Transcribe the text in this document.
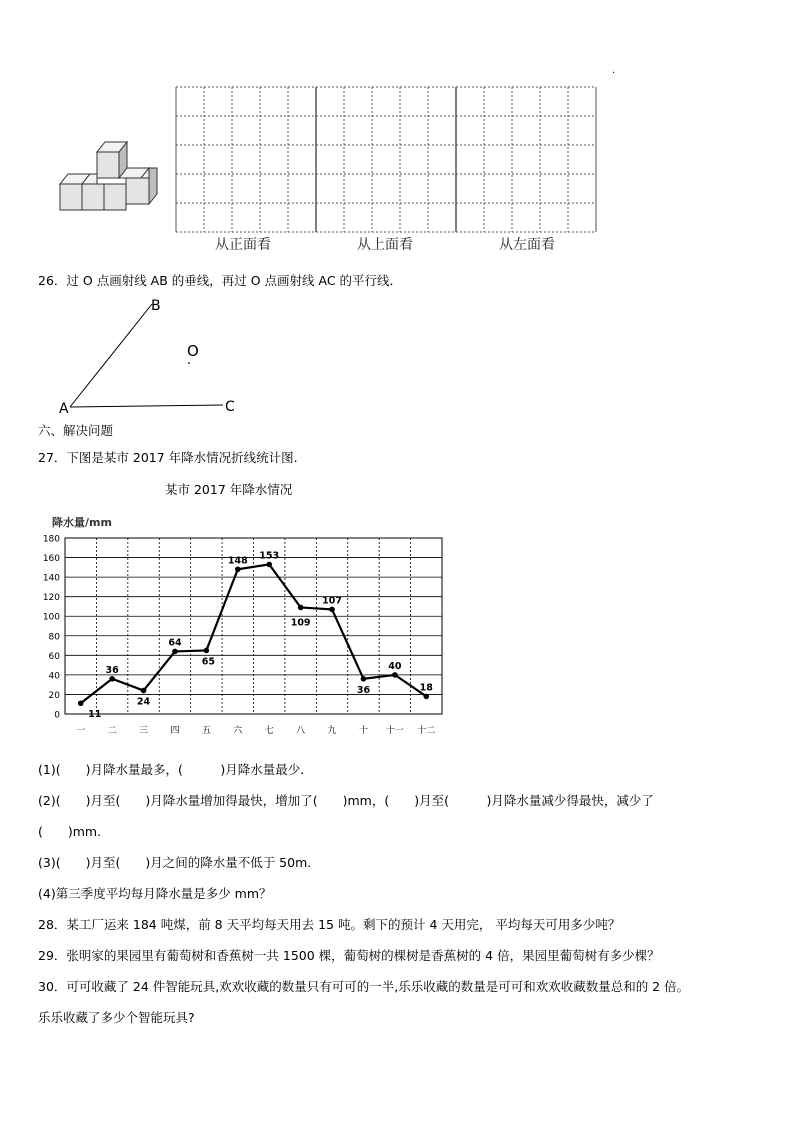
·
从正面看	从上面看	从左面看
26．过 O 点画射线 AB 的垂线，再过 O 点画射线 AC 的平行线．
B
O
A	C
六、解决问题
27．下图是某市 2017 年降水情况折线统计图.
某市 2017 年降水情况
降水量/mm
0
20
40
60
80
100
120
140
160
180
一 二 三 四 五 六 七 八 九 十 十一 十二
11
36
24
64
65
148 153
109
107
36
40
18
(1)(　　)月降水量最多，(　　　)月降水量最少．
(2)(　　)月至(　　)月降水量增加得最快，增加了(　　)mm，(　　)月至(　　　)月降水量减少得最快，减少了
(　　)mm.
(3)(　　)月至(　　)月之间的降水量不低于 50m.
(4)第三季度平均每月降水量是多少 mm？
28．某工厂运来 184 吨煤，前 8 天平均每天用去 15 吨。剩下的预计 4 天用完， 平均每天可用多少吨？
29．张明家的果园里有葡萄树和香蕉树一共 1500 棵，葡萄树的棵树是香蕉树的 4 倍，果园里葡萄树有多少棵？
30．可可收藏了 24 件智能玩具,欢欢收藏的数量只有可可的一半,乐乐收藏的数量是可可和欢欢收藏数量总和的 2 倍。
乐乐收藏了多少个智能玩具?
